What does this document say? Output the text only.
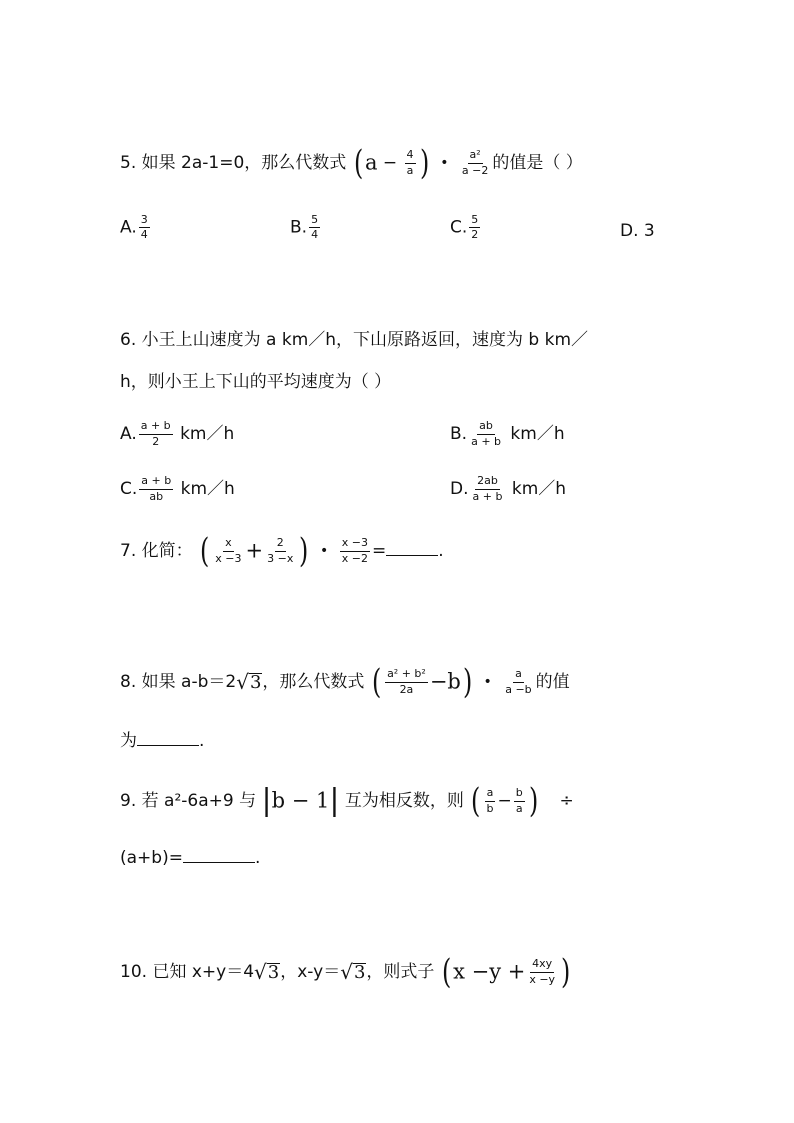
5. 如果 2a-1=0，那么代数式 ($a - \frac{4}{a}$ ) • $\frac{\text{a²}}{a -2}$ 的值是（ ）
A. $\frac{3}{4}$	B. $\frac{5}{4}$	C. $\frac{5}{2}$	D. 3
6. 小王上山速度为 a km／h，下山原路返回，速度为 b km／
h，则小王上下山的平均速度为（ ）
A. $\frac{a + b}{2}$ km／h	B. $\frac{ab}{a + b}$ km／h
C. $\frac{a + b}{ab}$ km／h	D. $\frac{2ab}{a + b}$ km／h
7. 化简： ( $\frac{x}{x -3} + \frac{2}{3 -x}$ ) • $\frac{x -3}{x -2}$ =	.
8. 如果 a-b＝2 √ 3 ，那么代数式 ( $\frac{\text{a² + b²}}{2a} -b$) • $\frac{a}{a -b}$ 的值
为	.
9. 若 a²-6a+9 与 |b − 1| 互为相反数，则 ( $\frac{a}{b} - \frac{b}{a}$ ) ÷
(a+b)=	.
10. 已知 x+y＝4 √ 3 ，x-y＝ √ 3 ，则式子 ($x -y + \frac{4xy}{x -y}$ )
